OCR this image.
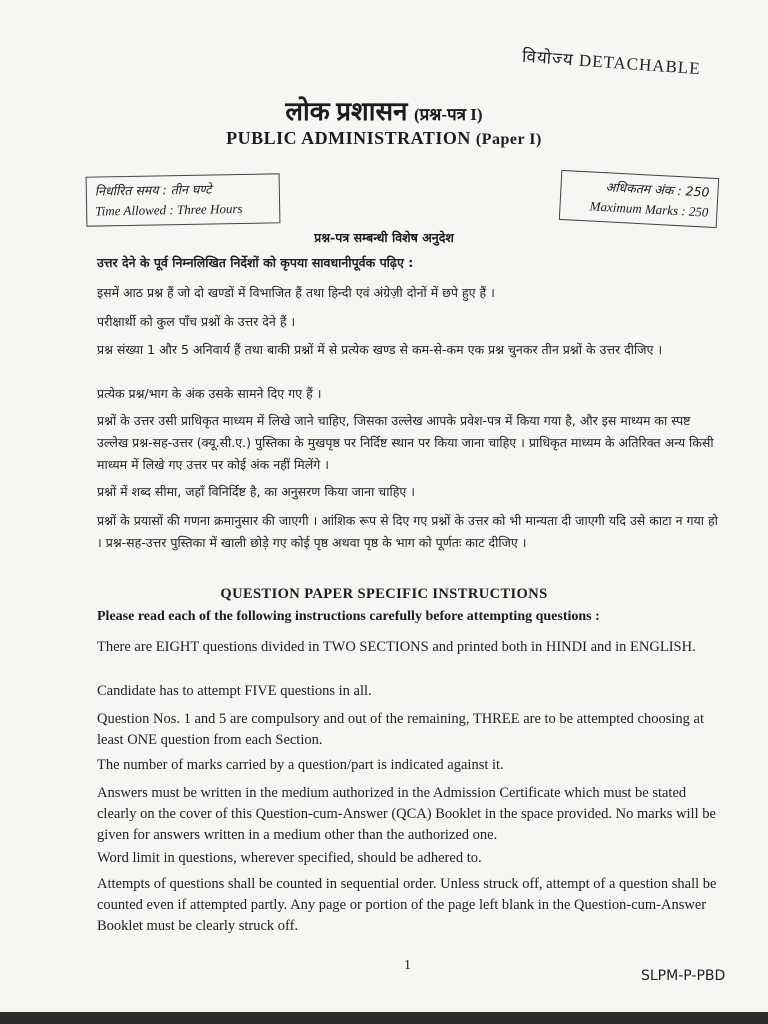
वियोज्य DETACHABLE
लोक प्रशासन (प्रश्न-पत्र I)
PUBLIC ADMINISTRATION (Paper I)
निर्धारित समय : तीन घण्टे
Time Allowed : Three Hours
अधिकतम अंक : 250
Maximum Marks : 250
प्रश्न-पत्र सम्बन्धी विशेष अनुदेश
उत्तर देने के पूर्व निम्नलिखित निर्देशों को कृपया सावधानीपूर्वक पढ़िए :
इसमें आठ प्रश्न हैं जो दो खण्डों में विभाजित हैं तथा हिन्दी एवं अंग्रेज़ी दोनों में छपे हुए हैं ।
परीक्षार्थी को कुल पाँच प्रश्नों के उत्तर देने हैं ।
प्रश्न संख्या 1 और 5 अनिवार्य हैं तथा बाकी प्रश्नों में से प्रत्येक खण्ड से कम-से-कम एक प्रश्न चुनकर तीन प्रश्नों के उत्तर दीजिए ।
प्रत्येक प्रश्न/भाग के अंक उसके सामने दिए गए हैं ।
प्रश्नों के उत्तर उसी प्राधिकृत माध्यम में लिखे जाने चाहिए, जिसका उल्लेख आपके प्रवेश-पत्र में किया गया है, और इस माध्यम का स्पष्ट उल्लेख प्रश्न-सह-उत्तर (क्यू.सी.ए.) पुस्तिका के मुखपृष्ठ पर निर्दिष्ट स्थान पर किया जाना चाहिए । प्राधिकृत माध्यम के अतिरिक्त अन्य किसी माध्यम में लिखे गए उत्तर पर कोई अंक नहीं मिलेंगे ।
प्रश्नों में शब्द सीमा, जहाँ विनिर्दिष्ट है, का अनुसरण किया जाना चाहिए ।
प्रश्नों के प्रयासों की गणना क्रमानुसार की जाएगी । आंशिक रूप से दिए गए प्रश्नों के उत्तर को भी मान्यता दी जाएगी यदि उसे काटा न गया हो । प्रश्न-सह-उत्तर पुस्तिका में खाली छोड़े गए कोई पृष्ठ अथवा पृष्ठ के भाग को पूर्णतः काट दीजिए ।
QUESTION PAPER SPECIFIC INSTRUCTIONS
Please read each of the following instructions carefully before attempting questions :
There are EIGHT questions divided in TWO SECTIONS and printed both in HINDI and in ENGLISH.
Candidate has to attempt FIVE questions in all.
Question Nos. 1 and 5 are compulsory and out of the remaining, THREE are to be attempted choosing at least ONE question from each Section.
The number of marks carried by a question/part is indicated against it.
Answers must be written in the medium authorized in the Admission Certificate which must be stated clearly on the cover of this Question-cum-Answer (QCA) Booklet in the space provided. No marks will be given for answers written in a medium other than the authorized one.
Word limit in questions, wherever specified, should be adhered to.
Attempts of questions shall be counted in sequential order. Unless struck off, attempt of a question shall be counted even if attempted partly. Any page or portion of the page left blank in the Question-cum-Answer Booklet must be clearly struck off.
1
SLPM-P-PBD
